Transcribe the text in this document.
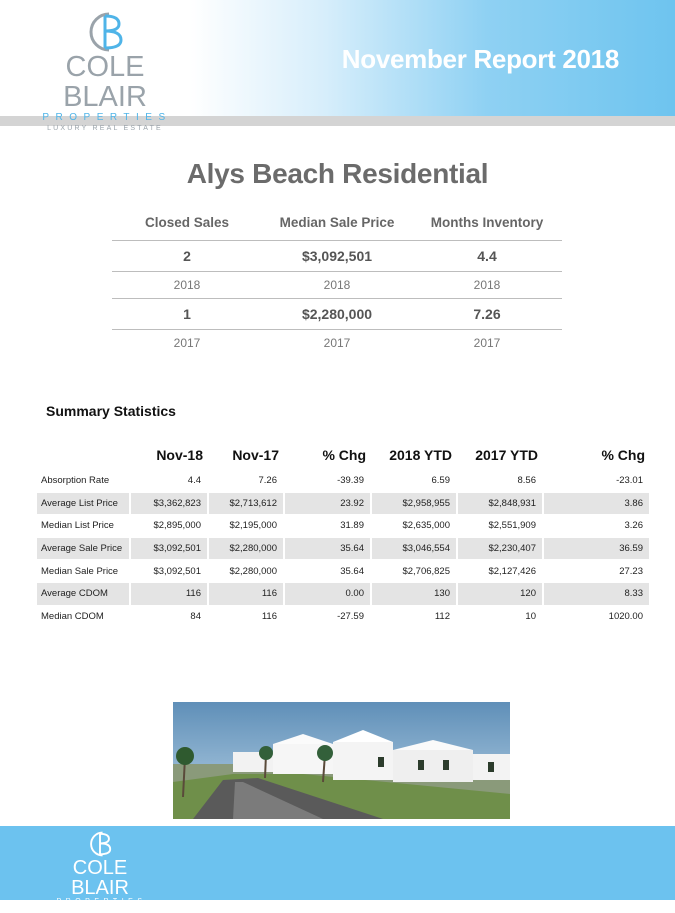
COLE BLAIR
PROPERTIES
LUXURY REAL ESTATE
November Report 2018
Alys Beach Residential
Closed Sales	Median Sale Price	Months Inventory
2	$3,092,501	4.4
2018	2018	2018
1	$2,280,000	7.26
2017	2017	2017
Summary Statistics
	Nov-18	Nov-17	% Chg	2018 YTD	2017 YTD	% Chg
Absorption Rate	4.4	7.26	-39.39	6.59	8.56	-23.01
Average List Price	$3,362,823	$2,713,612	23.92	$2,958,955	$2,848,931	3.86
Median List Price	$2,895,000	$2,195,000	31.89	$2,635,000	$2,551,909	3.26
Average Sale Price	$3,092,501	$2,280,000	35.64	$3,046,554	$2,230,407	36.59
Median Sale Price	$3,092,501	$2,280,000	35.64	$2,706,825	$2,127,426	27.23
Average CDOM	116	116	0.00	130	120	8.33
Median CDOM	84	116	-27.59	112	10	1020.00
COLE BLAIR
PROPERTIES
LUXURY REAL ESTATE
